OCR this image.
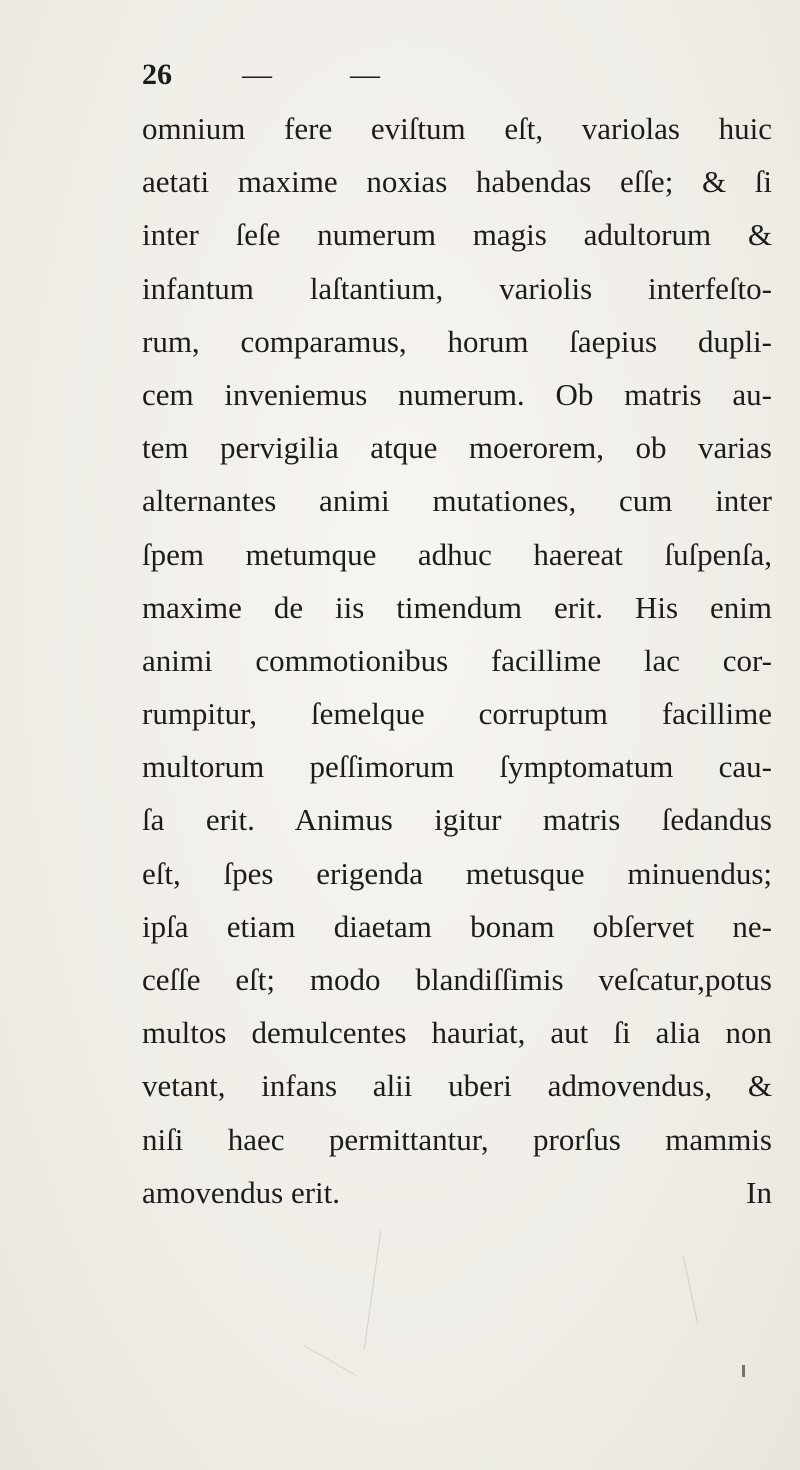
26 —	—
omnium fere eviſtum eſt, variolas huic
aetati maxime noxias habendas eſſe; & ſi
inter ſeſe numerum magis adultorum &
infantum laſtantium, variolis interfeſto-
rum, comparamus, horum ſaepius dupli-
cem inveniemus numerum. Ob matris au-
tem pervigilia atque moerorem, ob varias
alternantes animi mutationes, cum inter
ſpem metumque adhuc haereat ſuſpenſa,
maxime de iis timendum erit. His enim
animi commotionibus facillime lac cor-
rumpitur, ſemelque corruptum facillime
multorum peſſimorum ſymptomatum cau-
ſa erit. Animus igitur matris ſedandus
eſt, ſpes erigenda metusque minuendus;
ipſa etiam diaetam bonam obſervet ne-
ceſſe eſt; modo blandiſſimis veſcatur,potus
multos demulcentes hauriat, aut ſi alia non
vetant, infans alii uberi admovendus, &
niſi haec permittantur, prorſus mammis
amovendus erit.	In
